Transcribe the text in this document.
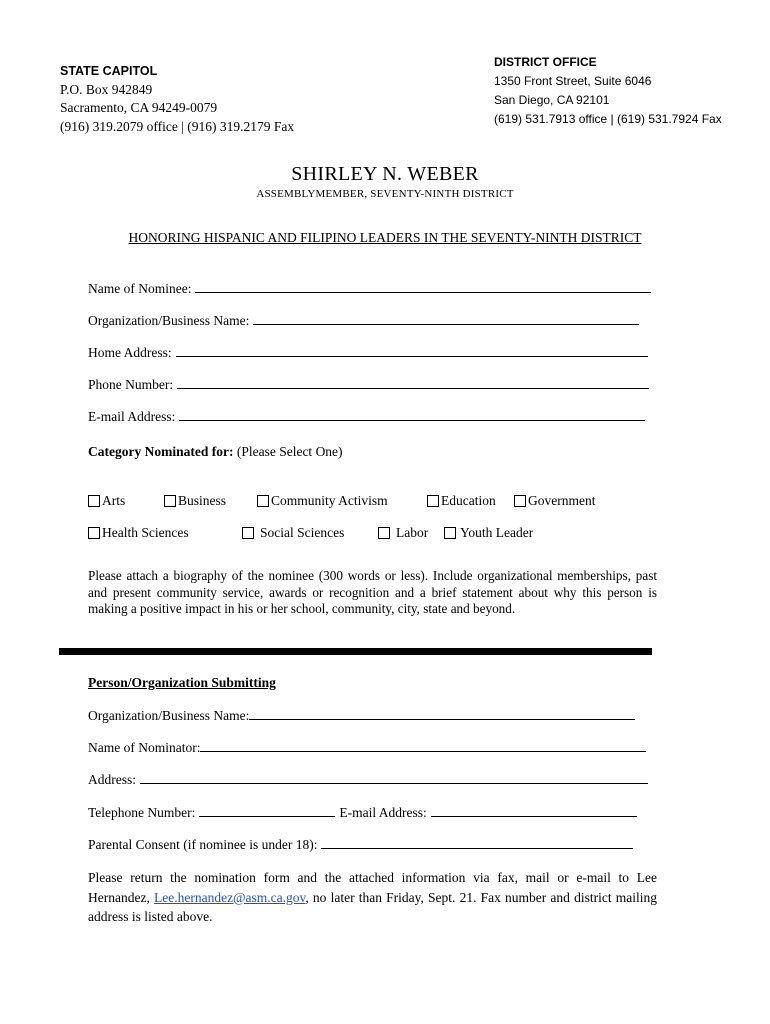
STATE CAPITOL
P.O. Box 942849
Sacramento, CA 94249-0079
(916) 319.2079 office | (916) 319.2179 Fax
DISTRICT OFFICE
1350 Front Street, Suite 6046
San Diego, CA 92101
(619) 531.7913 office | (619) 531.7924 Fax
SHIRLEY N. WEBER
ASSEMBLYMEMBER, SEVENTY-NINTH DISTRICT
HONORING HISPANIC AND FILIPINO LEADERS IN THE SEVENTY-NINTH DISTRICT
Name of Nominee:
Organization/Business Name:
Home Address:
Phone Number:
E-mail Address:
Category Nominated for: (Please Select One)
Arts	Business	Community Activism	Education Government
Health Sciences	Social Sciences	Labor Youth Leader
Please attach a biography of the nominee (300 words or less). Include organizational memberships, past and present community service, awards or recognition and a brief statement about why this person is making a positive impact in his or her school, community, city, state and beyond.
Person/Organization Submitting
Organization/Business Name:
Name of Nominator:
Address:
Telephone Number:	E-mail Address:
Parental Consent (if nominee is under 18):
Please return the nomination form and the attached information via fax, mail or e-mail to Lee Hernandez, Lee.hernandez@asm.ca.gov, no later than Friday, Sept. 21. Fax number and district mailing address is listed above.
